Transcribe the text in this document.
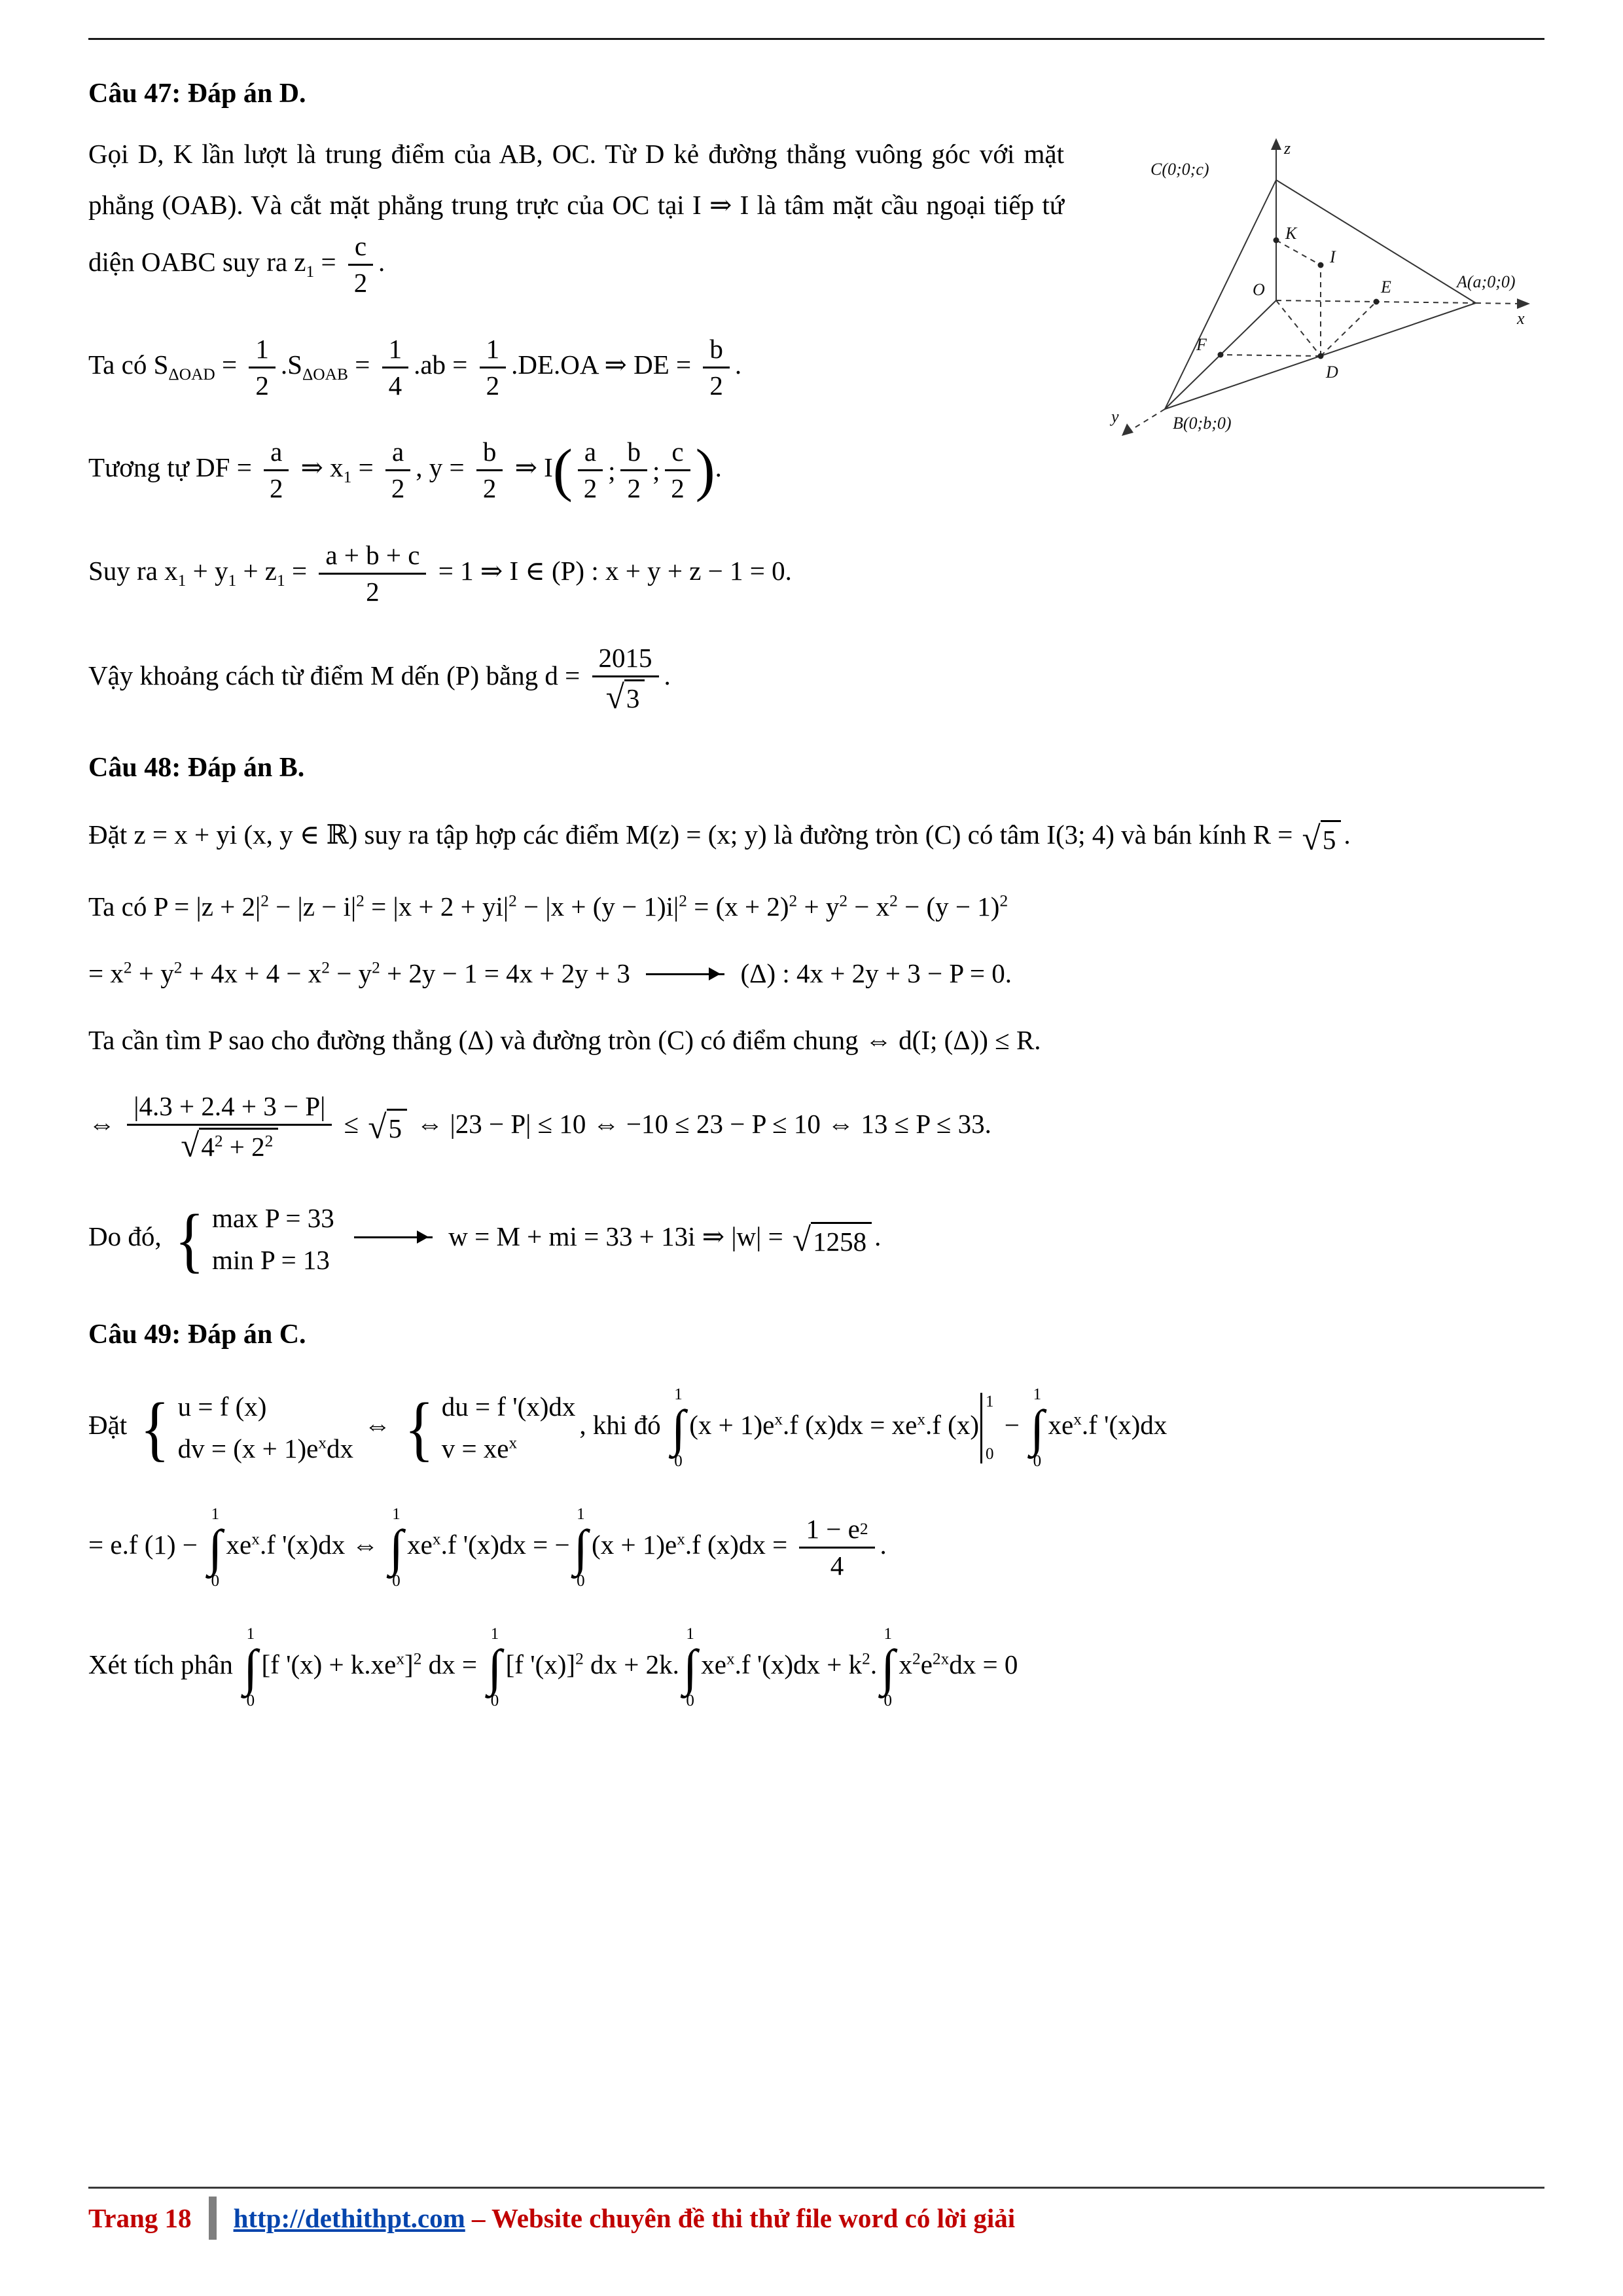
Câu 47: Đáp án D.
z
C(0;0;c)
K
I
E	A(a;0;0)
O
F
D
B(0;b;0)
x
y

Gọi D, K lần lượt là trung điểm của AB, OC. Từ D kẻ đường thẳng vuông góc với mặt phẳng (OAB). Và cắt mặt phẳng trung trực của OC tại I ⇒ I là tâm mặt cầu ngoại tiếp tứ diện OABC suy ra $z_1 = \frac{c}{2}$ .

Ta có $S_{\Delta OAD} = \frac{1}{2} .S_{\Delta OAB} = \frac{1}{4} .ab = \frac{1}{2} .DE.OA$ ⇒ DE = $\frac{b}{2}$ .
Tương tự DF = $\frac{a}{2}$ ⇒ $x_1 = \frac{a}{2}$ , $y = \frac{b}{2}$ ⇒ I ( a
2
;
b
2
;
c
2 ) .
Suy ra $x_1 + y_1 + z_1 = \frac{a + b + c}{2} = 1$ ⇒ I ∈ (P) : x + y + z − 1 = 0.
Vậy khoảng cách từ điểm M dến (P) bằng $d = \frac{2015}{√ 3}$ .
Câu 48: Đáp án B.
Đặt z = x + yi (x, y ∈ ℝ) suy ra tập hợp các điểm M(z) = (x; y) là đường tròn (C) có tâm I(3; 4) và bán kính R = √ 5 .
Ta có $P = |z + 2|^2 - |z - i|^2 = |x + 2 + yi|^2 - |x + (y - 1)i|^2 = (x + 2)^2 + y^2 - x^2 - (y - 1)^2$
= $x^2 + y^2 + 4x + 4 - x^2 - y^2 + 2y - 1 = 4x + 2y + 3$	(Δ) : 4x + 2y + 3 − P = 0.
Ta cần tìm P sao cho đường thẳng (Δ) và đường tròn (C) có điểm chung ⇔ d(I; (Δ)) ≤ R.
⇔ $\frac{|4.3 + 2.4 + 3 - P|}{√ 4^2 + 2^2}$ ≤ √ 5 ⇔ |23 − P| ≤ 10 ⇔ −10 ≤ 23 − P ≤ 10 ⇔ 13 ≤ P ≤ 33.
Do đó, { max P = 33
min P = 13
w = M + mi = 33 + 13i ⇒ |w| = √ 1258 .
Câu 49: Đáp án C.
Đặt { u = f (x)
dv = $(x + 1)e^xdx$
⇔ { du = f '(x)dx
$v = xe^x$
, khi đó
1
∫
0
$(x + 1)e^x.f$ $(x)dx = xe^x.f$ (x)
1
0
−
1
∫
0
$xe^x.f$ '(x)dx
= e.f (1) −
1
∫
0
$xe^x.f$ '(x)dx ⇔
1
∫
0
$xe^x.f$ '(x)dx = −
1
∫
0
$(x + 1)e^x.f$ $(x)dx = \frac{1 - e 2}{4}$ .
Xét tích phân
1
∫
0
[f '$(x) + k.xe^x]^2$ dx =
1
∫
0
[f '(x)]$^2$ dx + 2k.
1
∫
0
$xe^x.f$ '$(x)dx + k^2$.
1
∫
0
$x^2e^{2x}dx = 0$
Trang 18 http://dethithpt.com – Website chuyên đề thi thử file word có lời giải
